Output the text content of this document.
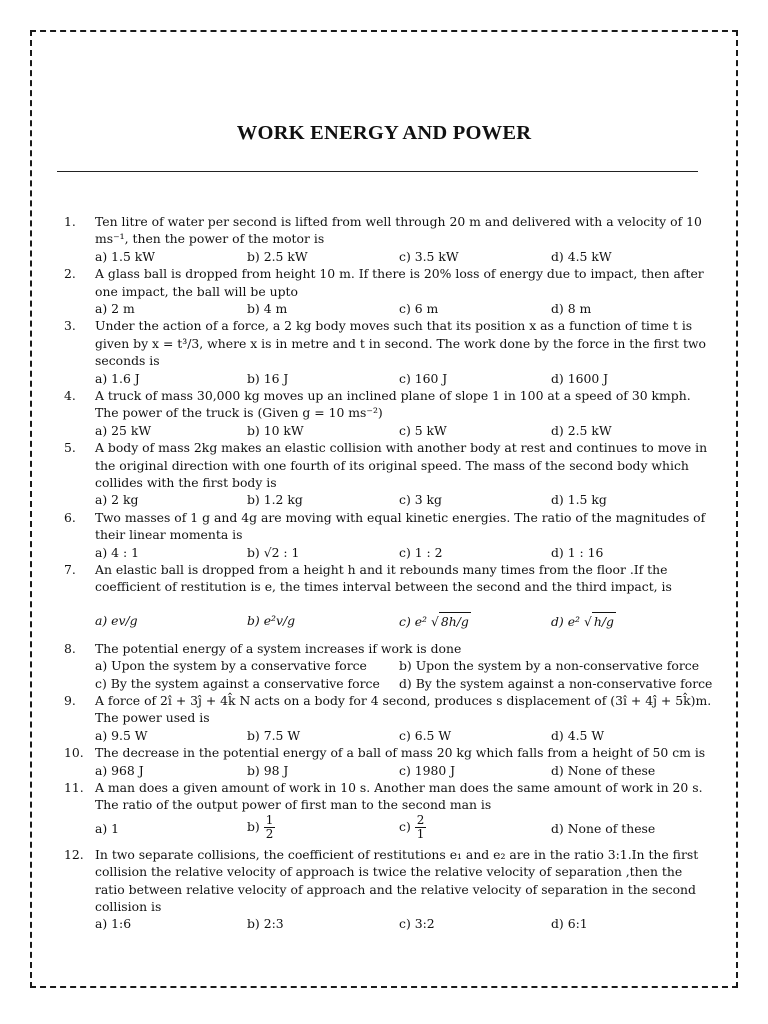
WORK ENERGY AND POWER
1. Ten litre of water per second is lifted from well through 20 m and delivered with a velocity of 10 ms⁻¹, then the power of the motor is
a) 1.5 kW	b) 2.5 kW	c) 3.5 kW	d) 4.5 kW
2. A glass ball is dropped from height 10 m. If there is 20% loss of energy due to impact, then after one impact, the ball will be upto
a) 2 m	b) 4 m	c) 6 m	d) 8 m
3. Under the action of a force, a 2 kg body moves such that its position x as a function of time t is given by x = t³/3, where x is in metre and t in second. The work done by the force in the first two seconds is
a) 1.6 J	b) 16 J	c) 160 J	d) 1600 J
4. A truck of mass 30,000 kg moves up an inclined plane of slope 1 in 100 at a speed of 30 kmph. The power of the truck is (Given g = 10 ms⁻²)
a) 25 kW	b) 10 kW	c) 5 kW	d) 2.5 kW
5. A body of mass 2kg makes an elastic collision with another body at rest and continues to move in the original direction with one fourth of its original speed. The mass of the second body which collides with the first body is
a) 2 kg	b) 1.2 kg	c) 3 kg	d) 1.5 kg
6. Two masses of 1 g and 4g are moving with equal kinetic energies. The ratio of the magnitudes of their linear momenta is
a) 4 : 1	b) √2 : 1	c) 1 : 2	d) 1 : 16
7. An elastic ball is dropped from a height h and it rebounds many times from the floor .If the coefficient of restitution is e, the times interval between the second and the third impact, is
a) ev/g	b) e²v/g	c) e² √ 8h/g	d) e² √ h/g
8. The potential energy of a system increases if work is done
a) Upon the system by a conservative force	b) Upon the system by a non-conservative force
c) By the system against a conservative force d) By the system against a non-conservative force
9. A force of 2î + 3ĵ + 4k̂ N acts on a body for 4 second, produces s displacement of (3î + 4ĵ + 5k̂)m. The power used is
a) 9.5 W	b) 7.5 W	c) 6.5 W	d) 4.5 W
10. The decrease in the potential energy of a ball of mass 20 kg which falls from a height of 50 cm is
a) 968 J	b) 98 J	c) 1980 J	d) None of these
11. A man does a given amount of work in 10 s. Another man does the same amount of work in 20 s. The ratio of the output power of first man to the second man is
a) 1	$b) \frac{1}{2}$	$c) \frac{2}{1}$	d) None of these
12. In two separate collisions, the coefficient of restitutions e₁ and e₂ are in the ratio 3:1.In the first collision the relative velocity of approach is twice the relative velocity of separation ,then the ratio between relative velocity of approach and the relative velocity of separation in the second collision is
a) 1:6	b) 2:3	c) 3:2	d) 6:1
